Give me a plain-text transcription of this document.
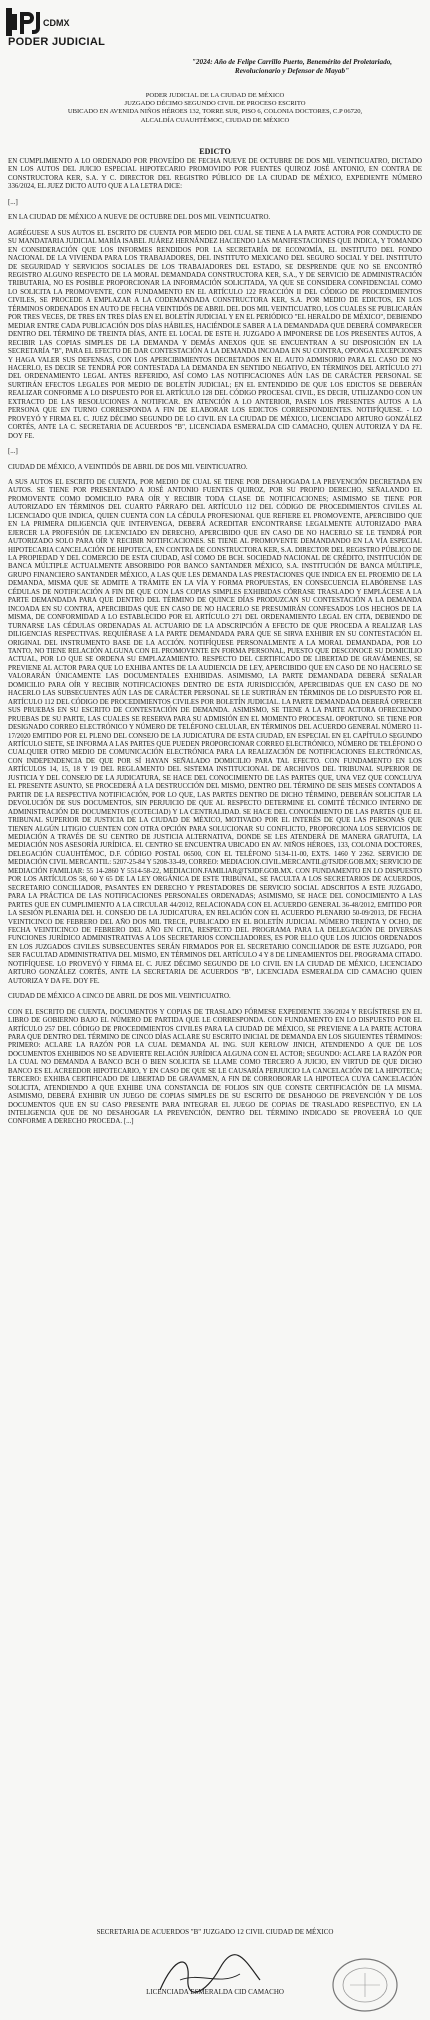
CDMX
PODER JUDICIAL
"2024: Año de Felipe Carrillo Puerto, Benemérito del Proletariado, Revolucionario y Defensor de Mayab"
PODER JUDICIAL DE LA CIUDAD DE MÉXICO
JUZGADO DÉCIMO SEGUNDO CIVIL DE PROCESO ESCRITO
UBICADO EN AVENIDA NIÑOS HÉROES 132, TORRE SUR, PISO 6, COLONIA DOCTORES, C.P 06720,
ALCALDÍA CUAUHTÉMOC, CIUDAD DE MÉXICO
EDICTO

EN CUMPLIMIENTO A LO ORDENADO POR PROVEÍDO DE FECHA NUEVE DE OCTUBRE DE DOS MIL VEINTICUATRO, DICTADO EN LOS AUTOS DEL JUICIO ESPECIAL HIPOTECARIO PROMOVIDO POR FUENTES QUIROZ JOSÉ ANTONIO, EN CONTRA DE CONSTRUCTORA KER, S.A. Y C. DIRECTOR DEL REGISTRO PÚBLICO DE LA CIUDAD DE MÉXICO, EXPEDIENTE NÚMERO 336/2024, EL JUEZ DICTO AUTO QUE A LA LETRA DICE:

[...]

EN LA CIUDAD DE MÉXICO A NUEVE DE OCTUBRE DEL DOS MIL VEINTICUATRO.

AGRÉGUESE A SUS AUTOS EL ESCRITO DE CUENTA POR MEDIO DEL CUAL SE TIENE A LA PARTE ACTORA POR CONDUCTO DE SU MANDATARIA JUDICIAL MARÍA ISABEL JUÁREZ HERNÁNDEZ HACIENDO LAS MANIFESTACIONES QUE INDICA, Y TOMANDO EN CONSIDERACIÓN QUE LOS INFORMES RENDIDOS POR LA SECRETARÍA DE ECONOMÍA, EL INSTITUTO DEL FONDO NACIONAL DE LA VIVIENDA PARA LOS TRABAJADORES, DEL INSTITUTO MEXICANO DEL SEGURO SOCIAL Y DEL INSTITUTO DE SEGURIDAD Y SERVICIOS SOCIALES DE LOS TRABAJADORES DEL ESTADO, SE DESPRENDE QUE NO SE ENCONTRÓ REGISTRO ALGUNO RESPECTO DE LA MORAL DEMANDADA CONSTRUCTORA KER, S.A., Y DE SERVICIO DE ADMINISTRACIÓN TRIBUTARIA, NO ES POSIBLE PROPORCIONAR LA INFORMACIÓN SOLICITADA, YA QUE SE CONSIDERA CONFIDENCIAL COMO LO SOLICITA LA PROMOVENTE, CON FUNDAMENTO EN EL ARTÍCULO 122 FRACCIÓN II DEL CÓDIGO DE PROCEDIMIENTOS CIVILES, SE PROCEDE A EMPLAZAR A LA CODEMANDADA CONSTRUCTORA KER, S.A. POR MEDIO DE EDICTOS, EN LOS TÉRMINOS ORDENADOS EN AUTO DE FECHA VEINTIDÓS DE ABRIL DEL DOS MIL VEINTICUATRO, LOS CUALES SE PUBLICARÁN POR TRES VECES, DE TRES EN TRES DÍAS EN EL BOLETÍN JUDICIAL Y EN EL PERIÓDICO "EL HERALDO DE MÉXICO", DEBIENDO MEDIAR ENTRE CADA PUBLICACIÓN DOS DÍAS HÁBILES, HACIÉNDOLE SABER A LA DEMANDADA QUE DEBERÁ COMPARECER DENTRO DEL TÉRMINO DE TREINTA DÍAS, ANTE EL LOCAL DE ESTE H. JUZGADO A IMPONERSE DE LOS PRESENTES AUTOS, A RECIBIR LAS COPIAS SIMPLES DE LA DEMANDA Y DEMÁS ANEXOS QUE SE ENCUENTRAN A SU DISPOSICIÓN EN LA SECRETARÍA "B", PARA EL EFECTO DE DAR CONTESTACIÓN A LA DEMANDA INCOADA EN SU CONTRA, OPONGA EXCEPCIONES Y HAGA VALER SUS DEFENSAS, CON LOS APERCIBIMIENTOS DECRETADOS EN EL AUTO ADMISORIO PARA EL CASO DE NO HACERLO, ES DECIR SE TENDRÁ POR CONTESTADA LA DEMANDA EN SENTIDO NEGATIVO, EN TÉRMINOS DEL ARTÍCULO 271 DEL ORDENAMIENTO LEGAL ANTES REFERIDO, ASÍ COMO LAS NOTIFICACIONES AÚN LAS DE CARÁCTER PERSONAL SE SURTIRÁN EFECTOS LEGALES POR MEDIO DE BOLETÍN JUDICIAL; EN EL ENTENDIDO DE QUE LOS EDICTOS SE DEBERÁN REALIZAR CONFORME A LO DISPUESTO POR EL ARTÍCULO 128 DEL CÓDIGO PROCESAL CIVIL, ES DECIR, UTILIZANDO CON UN EXTRACTO DE LAS RESOLUCIONES A NOTIFICAR. EN ATENCIÓN A LO ANTERIOR, PASEN LOS PRESENTES AUTOS A LA PERSONA QUE EN TURNO CORRESPONDA A FIN DE ELABORAR LOS EDICTOS CORRESPONDIENTES. NOTIFÍQUESE. - LO PROVEYÓ Y FIRMA EL C. JUEZ DÉCIMO SEGUNDO DE LO CIVIL EN LA CIUDAD DE MÉXICO, LICENCIADO ARTURO GONZÁLEZ CORTÉS, ANTE LA C. SECRETARIA DE ACUERDOS "B", LICENCIADA ESMERALDA CID CAMACHO, QUIEN AUTORIZA Y DA FE. DOY FE.

[...]

CIUDAD DE MÉXICO, A VEINTIDÓS DE ABRIL DE DOS MIL VEINTICUATRO.

A SUS AUTOS EL ESCRITO DE CUENTA, POR MEDIO DE CUAL SE TIENE POR DESAHOGADA LA PREVENCIÓN DECRETADA EN AUTOS. SE TIENE POR PRESENTADO A JOSÉ ANTONIO FUENTES QUIROZ, POR SU PROPIO DERECHO, SEÑALANDO EL PROMOVENTE COMO DOMICILIO PARA OÍR Y RECIBIR TODA CLASE DE NOTIFICACIONES; ASIMISMO SE TIENE POR AUTORIZADO EN TÉRMINOS DEL CUARTO PÁRRAFO DEL ARTÍCULO 112 DEL CÓDIGO DE PROCEDIMIENTOS CIVILES AL LICENCIADO QUE INDICA, QUIEN CUENTA CON LA CÉDULA PROFESIONAL QUE REFIERE EL PROMOVENTE, APERCIBIDO QUE EN LA PRIMERA DILIGENCIA QUE INTERVENGA, DEBERÁ ACREDITAR ENCONTRARSE LEGALMENTE AUTORIZADO PARA EJERCER LA PROFESIÓN DE LICENCIADO EN DERECHO, APERCIBIDO QUE EN CASO DE NO HACERLO SE LE TENDRÁ POR AUTORIZADO SOLO PARA OÍR Y RECIBIR NOTIFICACIONES. SE TIENE AL PROMOVENTE DEMANDANDO EN LA VÍA ESPECIAL HIPOTECARIA CANCELACIÓN DE HIPOTECA, EN CONTRA DE CONSTRUCTORA KER, S.A. DIRECTOR DEL REGISTRO PÚBLICO DE LA PROPIEDAD Y DEL COMERCIO DE ESTA CIUDAD, ASÍ COMO DE BCH. SOCIEDAD NACIONAL DE CRÉDITO, INSTITUCIÓN DE BANCA MÚLTIPLE ACTUALMENTE ABSORBIDO POR BANCO SANTANDER MÉXICO, S.A. INSTITUCIÓN DE BANCA MÚLTIPLE, GRUPO FINANCIERO SANTANDER MÉXICO, A LAS QUE LES DEMANDA LAS PRESTACIONES QUE INDICA EN EL PROEMIO DE LA DEMANDA, MISMA QUE SE ADMITE A TRÁMITE EN LA VÍA Y FORMA PROPUESTAS, EN CONSECUENCIA ELABÓRENSE LAS CÉDULAS DE NOTIFICACIÓN A FIN DE QUE CON LAS COPIAS SIMPLES EXHIBIDAS CÓRRASE TRASLADO Y EMPLÁCESE A LA PARTE DEMANDADA PARA QUE DENTRO DEL TÉRMINO DE QUINCE DÍAS PRODUZCAN SU CONTESTACIÓN A LA DEMANDA INCOADA EN SU CONTRA, APERCIBIDAS QUE EN CASO DE NO HACERLO SE PRESUMIRÁN CONFESADOS LOS HECHOS DE LA MISMA, DE CONFORMIDAD A LO ESTABLECIDO POR EL ARTÍCULO 271 DEL ORDENAMIENTO LEGAL EN CITA, DEBIENDO DE TURNARSE LAS CÉDULAS ORDENADAS AL ACTUARIO DE LA ADSCRIPCIÓN A EFECTO DE QUE PROCEDA A REALIZAR LAS DILIGENCIAS RESPECTIVAS. REQUIÉRASE A LA PARTE DEMANDADA PARA QUE SE SIRVA EXHIBIR EN SU CONTESTACIÓN EL ORIGINAL DEL INSTRUMENTO BASE DE LA ACCIÓN. NOTIFÍQUESE PERSONALMENTE A LA MORAL DEMANDADA, POR LO TANTO, NO TIENE RELACIÓN ALGUNA CON EL PROMOVENTE EN FORMA PERSONAL, PUESTO QUE DESCONOCE SU DOMICILIO ACTUAL, POR LO QUE SE ORDENA SU EMPLAZAMIENTO. RESPECTO DEL CERTIFICADO DE LIBERTAD DE GRAVÁMENES, SE PREVIENE AL ACTOR PARA QUE LO EXHIBA ANTES DE LA AUDIENCIA DE LEY, APERCIBIDO QUE EN CASO DE NO HACERLO SE VALORARÁN ÚNICAMENTE LAS DOCUMENTALES EXHIBIDAS. ASIMISMO, LA PARTE DEMANDADA DEBERÁ SEÑALAR DOMICILIO PARA OÍR Y RECIBIR NOTIFICACIONES DENTRO DE ESTA JURISDICCIÓN, APERCIBIDAS QUE EN CASO DE NO HACERLO LAS SUBSECUENTES AÚN LAS DE CARÁCTER PERSONAL SE LE SURTIRÁN EN TÉRMINOS DE LO DISPUESTO POR EL ARTÍCULO 112 DEL CÓDIGO DE PROCEDIMIENTOS CIVILES POR BOLETÍN JUDICIAL. LA PARTE DEMANDADA DEBERÁ OFRECER SUS PRUEBAS EN SU ESCRITO DE CONTESTACIÓN DE DEMANDA. ASIMISMO, SE TIENE A LA PARTE ACTORA OFRECIENDO PRUEBAS DE SU PARTE, LAS CUALES SE RESERVA PARA SU ADMISIÓN EN EL MOMENTO PROCESAL OPORTUNO. SE TIENE POR DESIGNADO CORREO ELECTRÓNICO Y NÚMERO DE TELÉFONO CELULAR, EN TÉRMINOS DEL ACUERDO GENERAL NÚMERO 11-17/2020 EMITIDO POR EL PLENO DEL CONSEJO DE LA JUDICATURA DE ESTA CIUDAD, EN ESPECIAL EN EL CAPÍTULO SEGUNDO ARTÍCULO SIETE, SE INFORMA A LAS PARTES QUE PUEDEN PROPORCIONAR CORREO ELECTRÓNICO, NÚMERO DE TELÉFONO O CUALQUIER OTRO MEDIO DE COMUNICACIÓN ELECTRÓNICA PARA LA REALIZACIÓN DE NOTIFICACIONES ELECTRÓNICAS, CON INDEPENDENCIA DE QUE POR SÍ HAYAN SEÑALADO DOMICILIO PARA TAL EFECTO. CON FUNDAMENTO EN LOS ARTÍCULOS 14, 15, 18 Y 19 DEL REGLAMENTO DEL SISTEMA INSTITUCIONAL DE ARCHIVOS DEL TRIBUNAL SUPERIOR DE JUSTICIA Y DEL CONSEJO DE LA JUDICATURA, SE HACE DEL CONOCIMIENTO DE LAS PARTES QUE, UNA VEZ QUE CONCLUYA EL PRESENTE ASUNTO, SE PROCEDERÁ A LA DESTRUCCIÓN DEL MISMO, DENTRO DEL TÉRMINO DE SEIS MESES CONTADOS A PARTIR DE LA RESPECTIVA NOTIFICACIÓN, POR LO QUE, LAS PARTES DENTRO DE DICHO TÉRMINO, DEBERÁN SOLICITAR LA DEVOLUCIÓN DE SUS DOCUMENTOS, SIN PERJUICIO DE QUE AL RESPECTO DETERMINE EL COMITÉ TÉCNICO INTERNO DE ADMINISTRACIÓN DE DOCUMENTOS (COTECIAD) Y LA CENTRALIDAD. SE HACE DEL CONOCIMIENTO DE LAS PARTES QUE EL TRIBUNAL SUPERIOR DE JUSTICIA DE LA CIUDAD DE MÉXICO, MOTIVADO POR EL INTERÉS DE QUE LAS PERSONAS QUE TIENEN ALGÚN LITIGIO CUENTEN CON OTRA OPCIÓN PARA SOLUCIONAR SU CONFLICTO, PROPORCIONA LOS SERVICIOS DE MEDIACIÓN A TRAVÉS DE SU CENTRO DE JUSTICIA ALTERNATIVA, DONDE SE LES ATENDERÁ DE MANERA GRATUITA, LA MEDIACIÓN NOS ASESORÍA JURÍDICA. EL CENTRO SE ENCUENTRA UBICADO EN AV. NIÑOS HÉROES, 133, COLONIA DOCTORES, DELEGACIÓN CUAUHTÉMOC, D.F. CÓDIGO POSTAL 06500, CON EL TELÉFONO 5134-11-00, EXTS. 1460 Y 2362. SERVICIO DE MEDIACIÓN CIVIL MERCANTIL: 5207-25-84 Y 5208-33-49, CORREO: MEDIACION.CIVIL.MERCANTIL@TSJDF.GOB.MX; SERVICIO DE MEDIACIÓN FAMILIAR: 55 14-2860 Y 5514-58-22, MEDIACION.FAMILIAR@TSJDF.GOB.MX. CON FUNDAMENTO EN LO DISPUESTO POR LOS ARTÍCULOS 58, 60 Y 65 DE LA LEY ORGÁNICA DE ESTE TRIBUNAL, SE FACULTA A LOS SECRETARIOS DE ACUERDOS, SECRETARIO CONCILIADOR, PASANTES EN DERECHO Y PRESTADORES DE SERVICIO SOCIAL ADSCRITOS A ESTE JUZGADO, PARA LA PRÁCTICA DE LAS NOTIFICACIONES PERSONALES ORDENADAS; ASIMISMO, SE HACE DEL CONOCIMIENTO A LAS PARTES QUE EN CUMPLIMIENTO A LA CIRCULAR 44/2012, RELACIONADA CON EL ACUERDO GENERAL 36-48/2012, EMITIDO POR LA SESIÓN PLENARIA DEL H. CONSEJO DE LA JUDICATURA, EN RELACIÓN CON EL ACUERDO PLENARIO 50-09/2013, DE FECHA VEINTICINCO DE FEBRERO DEL AÑO DOS MIL TRECE, PUBLICADO EN EL BOLETÍN JUDICIAL NÚMERO TREINTA Y OCHO, DE FECHA VEINTICINCO DE FEBRERO DEL AÑO EN CITA, RESPECTO DEL PROGRAMA PARA LA DELEGACIÓN DE DIVERSAS FUNCIONES JURÍDICO ADMINISTRATIVAS A LOS SECRETARIOS CONCILIADORES, ES POR ELLO QUE LOS JUICIOS ORDENADOS EN LOS JUZGADOS CIVILES SUBSECUENTES SERÁN FIRMADOS POR EL SECRETARIO CONCILIADOR DE ESTE JUZGADO, POR SER FACULTAD ADMINISTRATIVA DEL MISMO, EN TÉRMINOS DEL ARTÍCULO 4 Y 8 DE LINEAMIENTOS DEL PROGRAMA CITADO. NOTIFÍQUESE. LO PROVEYÓ Y FIRMA EL C. JUEZ DÉCIMO SEGUNDO DE LO CIVIL EN LA CIUDAD DE MÉXICO, LICENCIADO ARTURO GONZÁLEZ CORTÉS, ANTE LA SECRETARIA DE ACUERDOS "B", LICENCIADA ESMERALDA CID CAMACHO QUIEN AUTORIZA Y DA FE. DOY FE.

CIUDAD DE MÉXICO A CINCO DE ABRIL DE DOS MIL VEINTICUATRO.

CON EL ESCRITO DE CUENTA, DOCUMENTOS Y COPIAS DE TRASLADO FÓRMESE EXPEDIENTE 336/2024 Y REGÍSTRESE EN EL LIBRO DE GOBIERNO BAJO EL NÚMERO DE PARTIDA QUE LE CORRESPONDA. CON FUNDAMENTO EN LO DISPUESTO POR EL ARTÍCULO 257 DEL CÓDIGO DE PROCEDIMIENTOS CIVILES PARA LA CIUDAD DE MÉXICO, SE PREVIENE A LA PARTE ACTORA PARA QUE DENTRO DEL TÉRMINO DE CINCO DÍAS ACLARE SU ESCRITO INICIAL DE DEMANDA EN LOS SIGUIENTES TÉRMINOS: PRIMERO: ACLARE LA RAZÓN POR LA CUAL DEMANDA AL ING. SUJI KERLOW JINICH, ATENDIENDO A QUE DE LOS DOCUMENTOS EXHIBIDOS NO SE ADVIERTE RELACIÓN JURÍDICA ALGUNA CON EL ACTOR; SEGUNDO: ACLARE LA RAZÓN POR LA CUAL NO DEMANDA A BANCO BCH O BIEN SOLICITA SE LLAME COMO TERCERO A JUICIO, EN VIRTUD DE QUE DICHO BANCO ES EL ACREEDOR HIPOTECARIO, Y EN CASO DE QUE SE LE CAUSARÍA PERJUICIO LA CANCELACIÓN DE LA HIPOTECA; TERCERO: EXHIBA CERTIFICADO DE LIBERTAD DE GRAVAMEN, A FIN DE CORROBORAR LA HIPOTECA CUYA CANCELACIÓN SOLICITA, ATENDIENDO A QUE EXHIBE UNA CONSTANCIA DE FOLIOS SIN QUE CONSTE CERTIFICACIÓN DE LA MISMA. ASIMISMO, DEBERÁ EXHIBIR UN JUEGO DE COPIAS SIMPLES DE SU ESCRITO DE DESAHOGO DE PREVENCIÓN Y DE LOS DOCUMENTOS QUE EN SU CASO PRESENTE PARA INTEGRAR EL JUEGO DE COPIAS DE TRASLADO RESPECTIVO, EN LA INTELIGENCIA QUE DE NO DESAHOGAR LA PREVENCIÓN, DENTRO DEL TÉRMINO INDICADO SE PROVEERÁ LO QUE CONFORME A DERECHO PROCEDA. [...]

SECRETARIA DE ACUERDOS "B" JUZGADO 12 CIVIL CIUDAD DE MÉXICO
LICENCIADA ESMERALDA CID CAMACHO
